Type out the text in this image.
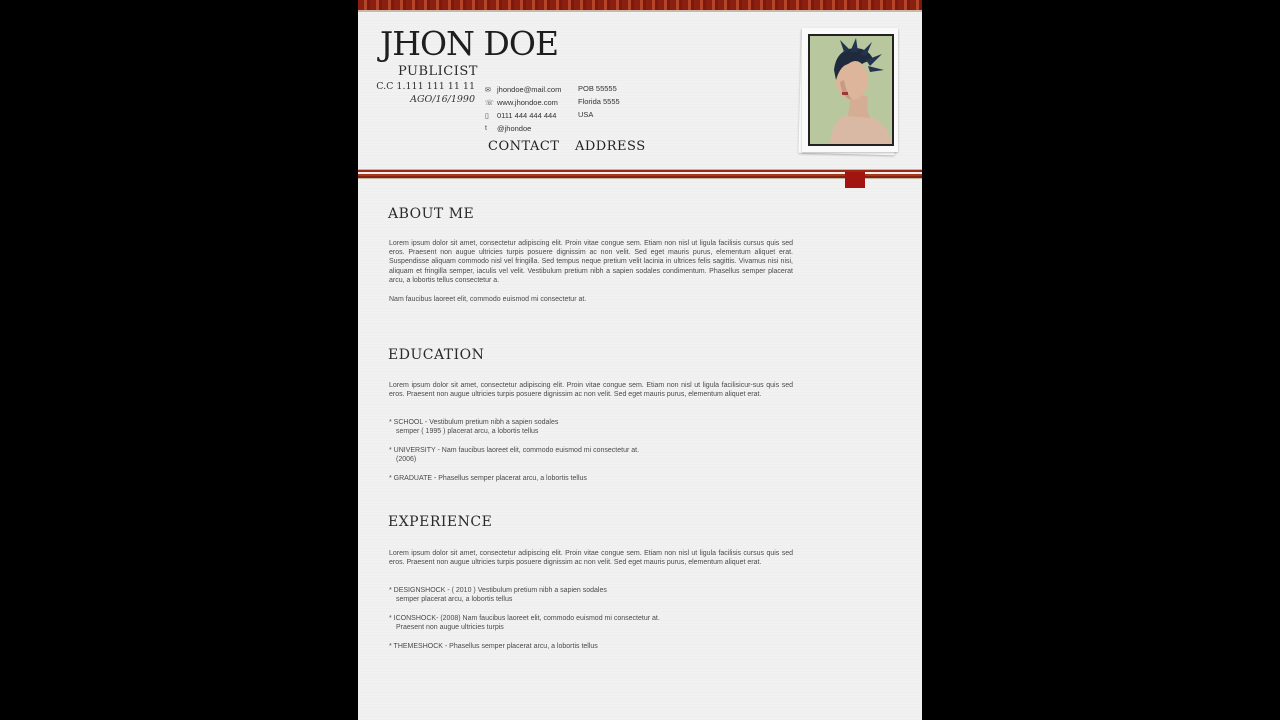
JHON DOE
PUBLICIST
C.C 1.111 111 11 11
AGO/16/1990
✉ jhondoe@mail.com
☏ www.jhondoe.com
▯	0111 444 444 444
t	@jhondoe
POB 55555
Florida 5555
USA
CONTACT ADDRESS
ABOUT ME

Lorem ipsum dolor sit amet, consectetur adipiscing elit. Proin vitae congue sem. Etiam non nisl ut ligula facilisis cursus quis sed eros. Praesent non augue ultricies turpis posuere dignissim ac non velit. Sed eget mauris purus, elementum aliquet erat. Suspendisse aliquam commodo nisl vel fringilla. Sed tempus neque pretium velit lacinia in ultrices felis sagittis. Vivamus nisi nisi, aliquam et fringilla semper, iaculis vel velit. Vestibulum pretium nibh a sapien sodales condimentum. Phasellus semper placerat arcu, a lobortis tellus consectetur a.

Nam faucibus laoreet elit, commodo euismod mi consectetur at.

EDUCATION

Lorem ipsum dolor sit amet, consectetur adipiscing elit. Proin vitae congue sem. Etiam non nisl ut ligula facilisicur-sus quis sed eros. Praesent non augue ultricies turpis posuere dignissim ac non velit. Sed eget mauris purus, elementum aliquet erat.

* SCHOOL - Vestibulum pretium nibh a sapien sodales
semper ( 1995 ) placerat arcu, a lobortis tellus

* UNIVERSITY - Nam faucibus laoreet elit, commodo euismod mi consectetur at.
(2006)

* GRADUATE - Phasellus semper placerat arcu, a lobortis tellus

EXPERIENCE

Lorem ipsum dolor sit amet, consectetur adipiscing elit. Proin vitae congue sem. Etiam non nisl ut ligula facilisis cursus quis sed eros. Praesent non augue ultricies turpis posuere dignissim ac non velit. Sed eget mauris purus, elementum aliquet erat.

* DESIGNSHOCK - ( 2010 ) Vestibulum pretium nibh a sapien sodales
semper placerat arcu, a lobortis tellus

* ICONSHOCK- (2008) Nam faucibus laoreet elit, commodo euismod mi consectetur at.
Praesent non augue ultricies turpis

* THEMESHOCK - Phasellus semper placerat arcu, a lobortis tellus
